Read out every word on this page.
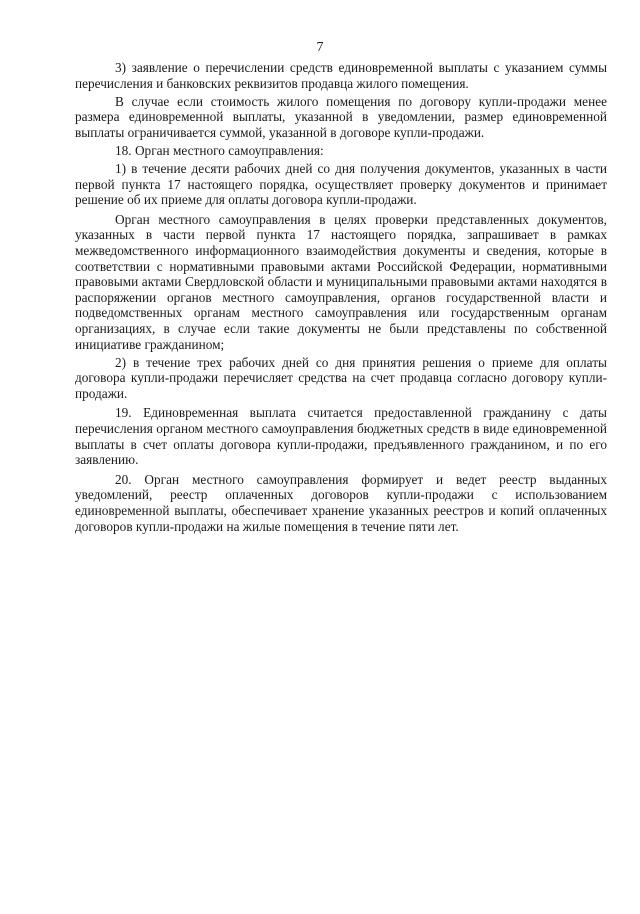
7

3) заявление о перечислении средств единовременной выплаты с указанием суммы перечисления и банковских реквизитов продавца жилого помещения.

В случае если стоимость жилого помещения по договору купли-продажи менее размера единовременной выплаты, указанной в уведомлении, размер единовременной выплаты ограничивается суммой, указанной в договоре купли-продажи.

18. Орган местного самоуправления:

1) в течение десяти рабочих дней со дня получения документов, указанных в части первой пункта 17 настоящего порядка, осуществляет проверку документов и принимает решение об их приеме для оплаты договора купли-продажи.

Орган местного самоуправления в целях проверки представленных документов, указанных в части первой пункта 17 настоящего порядка, запрашивает в рамках межведомственного информационного взаимодействия документы и сведения, которые в соответствии с нормативными правовыми актами Российской Федерации, нормативными правовыми актами Свердловской области и муниципальными правовыми актами находятся в распоряжении органов местного самоуправления, органов государственной власти и подведомственных органам местного самоуправления или государственным органам организациях, в случае если такие документы не были представлены по собственной инициативе гражданином;

2) в течение трех рабочих дней со дня принятия решения о приеме для оплаты договора купли-продажи перечисляет средства на счет продавца согласно договору купли-продажи.

19. Единовременная выплата считается предоставленной гражданину с даты перечисления органом местного самоуправления бюджетных средств в виде единовременной выплаты в счет оплаты договора купли-продажи, предъявленного гражданином, и по его заявлению.

20. Орган местного самоуправления формирует и ведет реестр выданных уведомлений, реестр оплаченных договоров купли-продажи с использованием единовременной выплаты, обеспечивает хранение указанных реестров и копий оплаченных договоров купли-продажи на жилые помещения в течение пяти лет.
